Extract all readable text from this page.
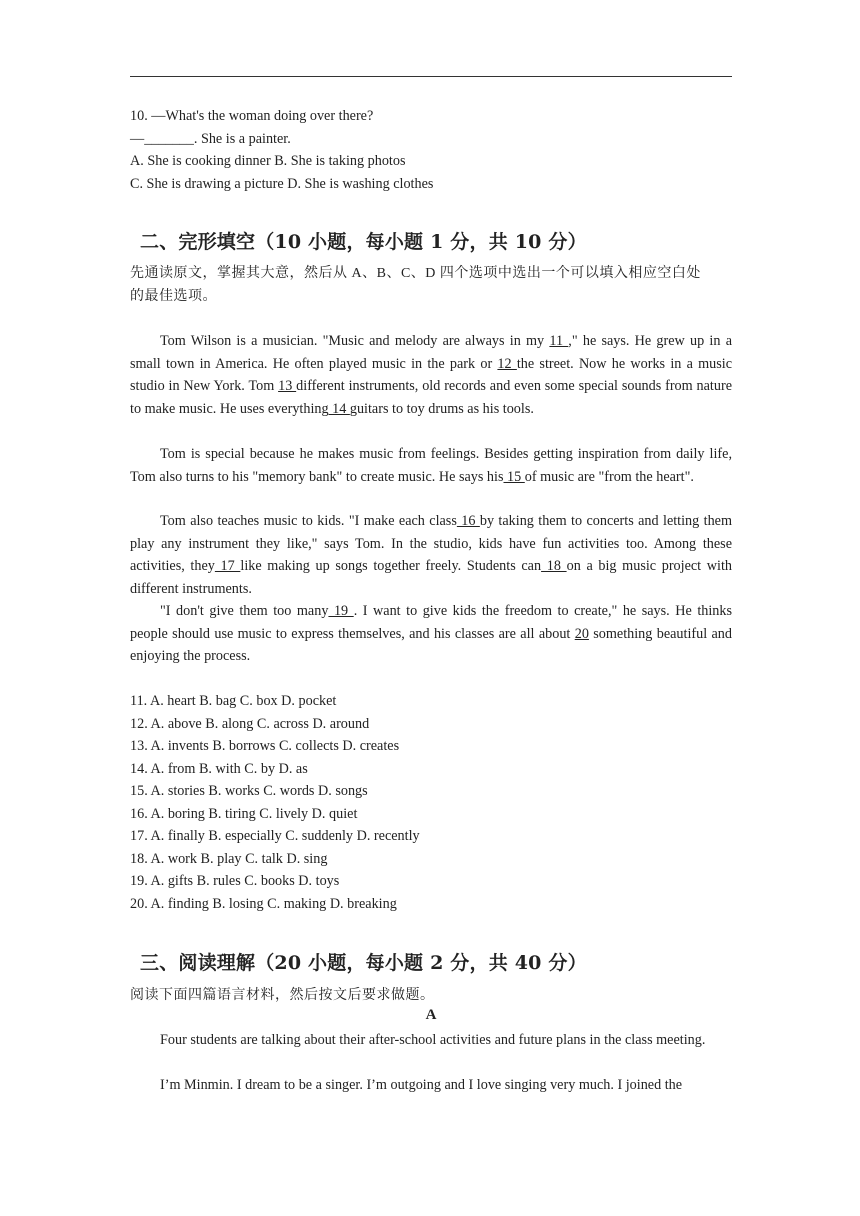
10. —What's the woman doing over there?
—_______. She is a painter.
A. She is cooking dinner B. She is taking photos
C. She is drawing a picture D. She is washing clothes
二、完形填空（10 小题，每小题 1 分，共 10 分）
先通读原文，掌握其大意，然后从 A、B、C、D 四个选项中选出一个可以填入相应空白处
的最佳选项。
Tom Wilson is a musician. "Music and melody are always in my 11 ," he says. He grew up in a small town in America. He often played music in the park or 12 the street. Now he works in a music studio in New York. Tom 13 different instruments, old records and even some special sounds from nature to make music. He uses everything 14 guitars to toy drums as his tools.
Tom is special because he makes music from feelings. Besides getting inspiration from daily life, Tom also turns to his "memory bank" to create music. He says his 15 of music are "from the heart".
Tom also teaches music to kids. "I make each class 16 by taking them to concerts and letting them play any instrument they like," says Tom. In the studio, kids have fun activities too. Among these activities, they 17 like making up songs together freely. Students can 18 on a big music project with different instruments.
"I don't give them too many 19 . I want to give kids the freedom to create," he says. He thinks people should use music to express themselves, and his classes are all about 20 something beautiful and enjoying the process.
11. A. heart B. bag C. box D. pocket
12. A. above B. along C. across D. around
13. A. invents B. borrows C. collects D. creates
14. A. from B. with C. by D. as
15. A. stories B. works C. words D. songs
16. A. boring B. tiring C. lively D. quiet
17. A. finally B. especially C. suddenly D. recently
18. A. work B. play C. talk D. sing
19. A. gifts B. rules C. books D. toys
20. A. finding B. losing C. making D. breaking
三、阅读理解（20 小题，每小题 2 分，共 40 分）
阅读下面四篇语言材料，然后按文后要求做题。
A
Four students are talking about their after-school activities and future plans in the class meeting.
I’m Minmin. I dream to be a singer. I’m outgoing and I love singing very much. I joined the
